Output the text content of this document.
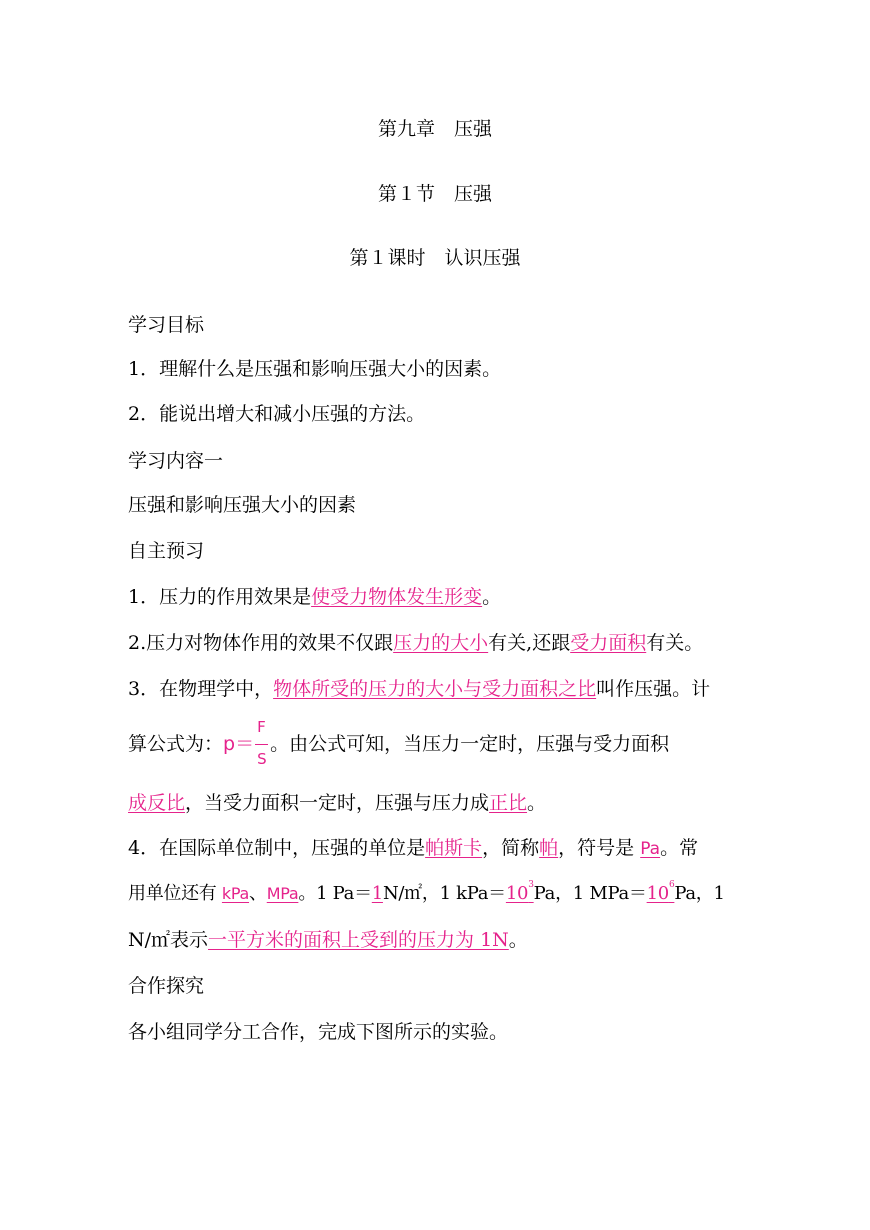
第九章　压强
第１节　压强
第１课时　认识压强
学习目标
1．理解什么是压强和影响压强大小的因素。
2．能说出增大和减小压强的方法。
学习内容一
压强和影响压强大小的因素
自主预习
1．压力的作用效果是使受力物体发生形变。
2.压力对物体作用的效果不仅跟压力的大小有关,还跟受力面积有关。
3．在物理学中，物体所受的压力的大小与受力面积之比叫作压强。计
算公式为：$p= \frac{F}{S}$ 。由公式可知，当压力一定时，压强与受力面积
成反比，当受力面积一定时，压强与压力成正比。
4．在国际单位制中，压强的单位是帕斯卡，简称帕，符号是 Pa。常
用单位还有 kPa、MPa。1 Pa＝1N/㎡，1 $kPa=10^3Pa$，1 $MPa=10^6Pa$，1
N/㎡表示一平方米的面积上受到的压力为 1N。
合作探究
各小组同学分工合作，完成下图所示的实验。
